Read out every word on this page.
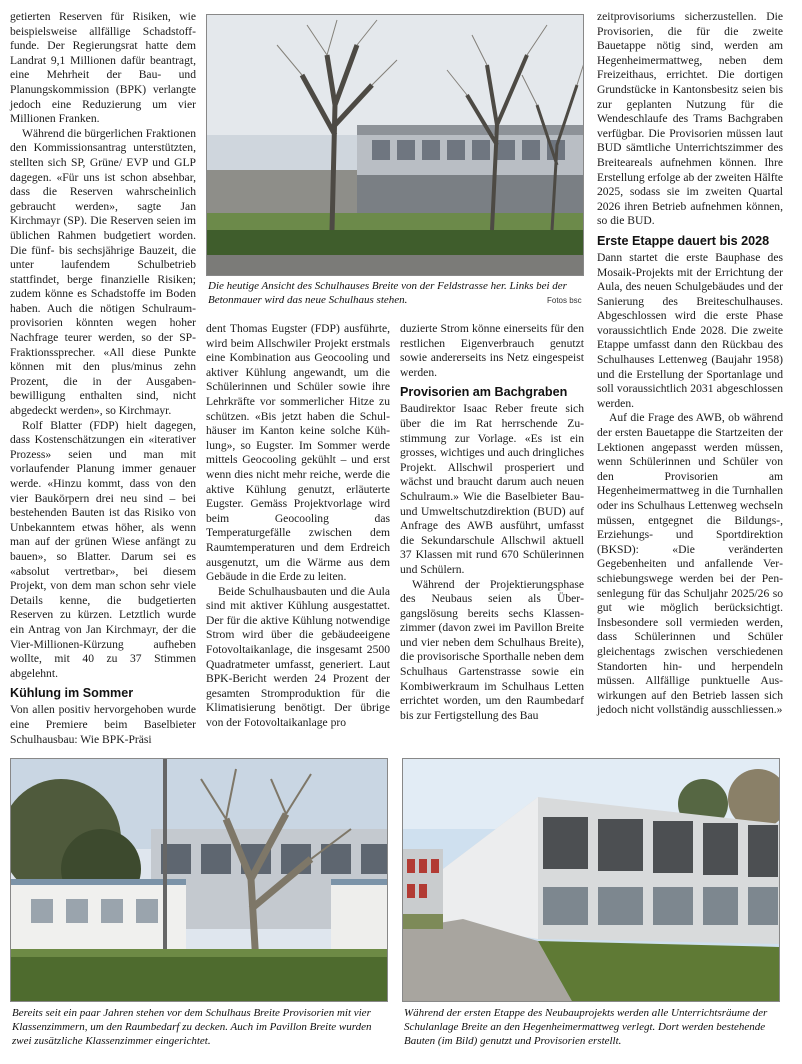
getierten Reserven für Risiken, wie beispielsweise allfällige Schadstofffunde. Der Regierungsrat hatte dem Landrat 9,1 Millionen dafür beantragt, eine Mehrheit der Bau- und Planungskommission (BPK) verlangte jedoch eine Reduzierung um vier Millionen Franken.

Während die bürgerlichen Fraktionen den Kommissionsantrag unterstützten, stellten sich SP, Grüne/ EVP und GLP dagegen. «Für uns ist schon absehbar, dass die Reserven wahrscheinlich gebraucht werden», sagte Jan Kirchmayr (SP). Die Reserven seien im üblichen Rahmen budgetiert worden. Die fünf- bis sechsjährige Bauzeit, die unter laufendem Schulbetrieb stattfindet, berge finanzielle Risiken; zudem könne es Schadstoffe im Boden haben. Auch die nötigen Schulraumprovisorien könnten wegen hoher Nachfrage teurer werden, so der SP-Fraktionssprecher. «All diese Punkte können mit den plus/minus zehn Prozent, die in der Ausgabenbewilligung enthalten sind, nicht abgedeckt werden», so Kirchmayr.

Rolf Blatter (FDP) hielt dagegen, dass Kostenschätzungen ein «iterativer Prozess» seien und man mit vorlaufender Planung immer genauer werde. «Hinzu kommt, dass von den vier Baukörpern drei neu sind – bei bestehenden Bauten ist das Risiko von Unbekanntem etwas höher, als wenn man auf der grünen Wiese anfängt zu bauen», so Blatter. Darum sei es «absolut vertretbar», bei diesem Projekt, von dem man schon sehr viele Details kenne, die budgetierten Reserven zu kürzen. Letztlich wurde ein Antrag von Jan Kirchmayr, der die Vier-Millionen-Kürzung aufheben wollte, mit 40 zu 37 Stimmen abgelehnt.

Kühlung im Sommer

Von allen positiv hervorgehoben wurde eine Premiere beim Baselbieter Schulhausbau: Wie BPK-Präsi

Die heutige Ansicht des Schulhauses Breite von der Feldstrasse her. Links bei der Betonmauer wird das neue Schulhaus stehen.	Fotos bsc

dent Thomas Eugster (FDP) ausführte, wird beim Allschwiler Projekt erstmals eine Kombination aus Geocooling und aktiver Kühlung angewandt, um die Schülerinnen und Schüler sowie ihre Lehrkräfte vor sommerlicher Hitze zu schützen. «Bis jetzt haben die Schulhäuser im Kanton keine solche Kühlung», so Eugster. Im Sommer werde mittels Geocooling gekühlt – und erst wenn dies nicht mehr reiche, werde die aktive Kühlung genutzt, erläuterte Eugster. Gemäss Projektvorlage wird beim Geocooling das Temperaturgefälle zwischen dem Raumtemperaturen und dem Erdreich ausgenutzt, um die Wärme aus dem Gebäude in die Erde zu leiten.

Beide Schulhausbauten und die Aula sind mit aktiver Kühlung ausgestattet. Der für die aktive Kühlung notwendige Strom wird über die gebäudeeigene Fotovoltaikanlage, die insgesamt 2500 Quadratmeter umfasst, generiert. Laut BPK-Bericht werden 24 Prozent der gesamten Stromproduktion für die Klimatisierung benötigt. Der übrige von der Fotovoltaikanlage pro

duzierte Strom könne einerseits für den restlichen Eigenverbrauch genutzt sowie andererseits ins Netz eingespeist werden.

Provisorien am Bachgraben

Baudirektor Isaac Reber freute sich über die im Rat herrschende Zustimmung zur Vorlage. «Es ist ein grosses, wichtiges und auch dringliches Projekt. Allschwil prosperiert und wächst und braucht darum auch neuen Schulraum.» Wie die Baselbieter Bau- und Umweltschutzdirektion (BUD) auf Anfrage des AWB ausführt, umfasst die Sekundarschule Allschwil aktuell 37 Klassen mit rund 670 Schülerinnen und Schülern.

Während der Projektierungsphase des Neubaus seien als Übergangslösung bereits sechs Klassenzimmer (davon zwei im Pavillon Breite und vier neben dem Schulhaus Breite), die provisorische Sporthalle neben dem Schulhaus Gartenstrasse sowie ein Kombiwerkraum im Schulhaus Letten errichtet worden, um den Raumbedarf bis zur Fertigstellung des Bau

zeitprovisoriums sicherzustellen. Die Provisorien, die für die zweite Bauetappe nötig sind, werden am Hegenheimermattweg, neben dem Freizeithaus, errichtet. Die dortigen Grundstücke in Kantonsbesitz seien bis zur geplanten Nutzung für die Wendeschlaufe des Trams Bachgraben verfügbar. Die Provisorien müssen laut BUD sämtliche Unterrichtszimmer des Breiteareals aufnehmen können. Ihre Erstellung erfolge ab der zweiten Hälfte 2025, sodass sie im zweiten Quartal 2026 ihren Betrieb aufnehmen können, so die BUD.

Erste Etappe dauert bis 2028

Dann startet die erste Bauphase des Mosaik-Projekts mit der Errichtung der Aula, des neuen Schulgebäudes und der Sanierung des Breiteschulhauses. Abgeschlossen wird die erste Phase voraussichtlich Ende 2028. Die zweite Etappe umfasst dann den Rückbau des Schulhauses Lettenweg (Baujahr 1958) und die Erstellung der Sportanlage und soll voraussichtlich 2031 abgeschlossen werden.

Auf die Frage des AWB, ob während der ersten Bauetappe die Startzeiten der Lektionen angepasst werden müssen, wenn Schülerinnen und Schüler von den Provisorien am Hegenheimermattweg in die Turnhallen oder ins Schulhaus Lettenweg wechseln müssen, entgegnet die Bildungs-, Erziehungs- und Sportdirektion (BKSD): «Die veränderten Gegebenheiten und anfallende Verschiebungswege werden bei der Pensenlegung für das Schuljahr 2025/26 so gut wie möglich berücksichtigt. Insbesondere soll vermieden werden, dass Schülerinnen und Schüler gleichentags zwischen verschiedenen Standorten hin- und herpendeln müssen. Allfällige punktuelle Auswirkungen auf den Betrieb lassen sich jedoch nicht vollständig ausschliessen.»

Bereits seit ein paar Jahren stehen vor dem Schulhaus Breite Provisorien mit vier Klassenzimmern, um den Raumbedarf zu decken. Auch im Pavillon Breite wurden zwei zusätzliche Klassenzimmer eingerichtet.
Während der ersten Etappe des Neubauprojekts werden alle Unterrichtsräume der Schulanlage Breite an den Hegenheimermattweg verlegt. Dort werden bestehende Bauten (im Bild) genutzt und Provisorien erstellt.
